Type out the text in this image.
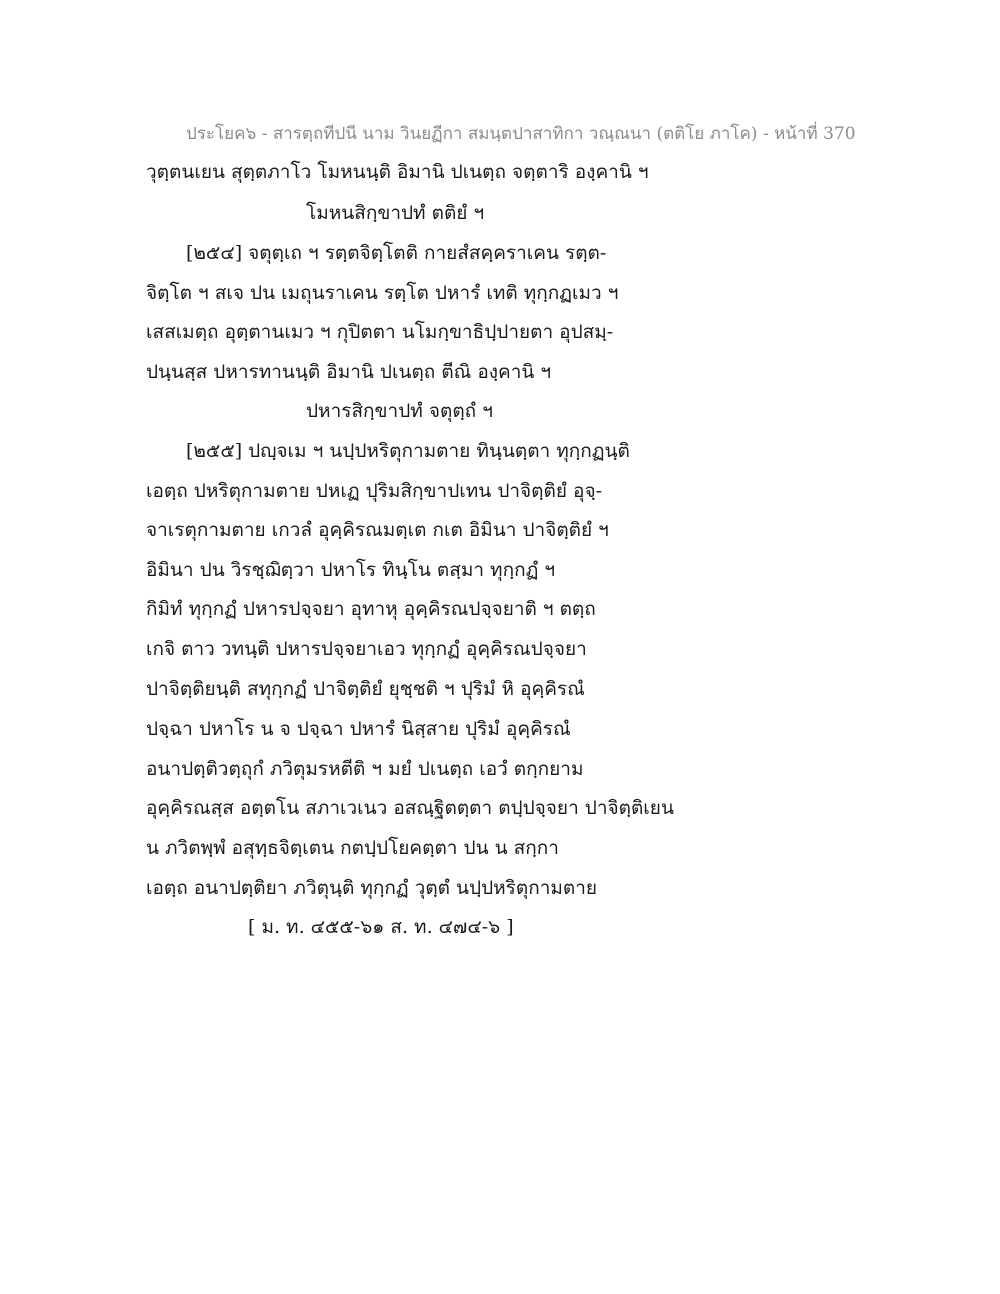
ประโยค๖ - สารตฺถทีปนี นาม วินยฏีกา สมนฺตปาสาทิกา วณฺณนา (ตติโย ภาโค) - หน้าที่ 370
วุตฺตนเยน สุตฺตภาโว โมหนนฺติ อิมานิ ปเนตฺถ จตฺตาริ องฺคานิ ฯ
โมหนสิกฺขาปทํ ตติยํ ฯ
[๒๕๔] จตุตฺเถ ฯ รตฺตจิตฺโตติ กายสํสคฺคราเคน รตฺต-
จิตฺโต ฯ สเจ ปน เมถุนราเคน รตฺโต ปหารํ เทติ ทุกฺกฏเมว ฯ
เสสเมตฺถ อุตฺตานเมว ฯ กุปิตตา นโมกฺขาธิปฺปายตา อุปสมฺ-
ปนฺนสฺส ปหารทานนฺติ อิมานิ ปเนตฺถ ตีณิ องฺคานิ ฯ
ปหารสิกฺขาปทํ จตุตฺถํ ฯ
[๒๕๕] ปญฺจเม ฯ นปฺปหริตุกามตาย ทินฺนตฺตา ทุกฺกฏนฺติ
เอตฺถ ปหริตุกามตาย ปหเฏ ปุริมสิกฺขาปเทน ปาจิตฺติยํ อุจฺ-
จาเรตุกามตาย เกวลํ อุคฺคิรณมตฺเต กเต อิมินา ปาจิตฺติยํ ฯ
อิมินา ปน วิรชฺฌิตฺวา ปหาโร ทินฺโน ตสฺมา ทุกฺกฏํ ฯ
กิมิทํ ทุกฺกฏํ ปหารปจฺจยา อุทาหุ อุคฺคิรณปจฺจยาติ ฯ ตตฺถ
เกจิ ตาว วทนฺติ ปหารปจฺจยาเอว ทุกฺกฏํ อุคฺคิรณปจฺจยา
ปาจิตฺติยนฺติ สทุกฺกฏํ ปาจิตฺติยํ ยุชฺชติ ฯ ปุริมํ หิ อุคฺคิรณํ
ปจฺฉา ปหาโร น จ ปจฺฉา ปหารํ นิสฺสาย ปุริมํ อุคฺคิรณํ
อนาปตฺติวตฺถุกํ ภวิตุมรหตีติ ฯ มยํ ปเนตฺถ เอวํ ตกฺกยาม
อุคฺคิรณสฺส อตฺตโน สภาเวเนว อสณฺฐิตตฺตา ตปฺปจฺจยา ปาจิตฺติเยน
น ภวิตพฺพํ อสุทฺธจิตฺเตน กตปฺปโยคตฺตา ปน น สกฺกา
เอตฺถ อนาปตฺติยา ภวิตุนฺติ ทุกฺกฏํ วุตฺตํ นปฺปหริตุกามตาย
[ ม. ท. ๔๕๕-๖๑ ส. ท. ๔๗๔-๖ ]
